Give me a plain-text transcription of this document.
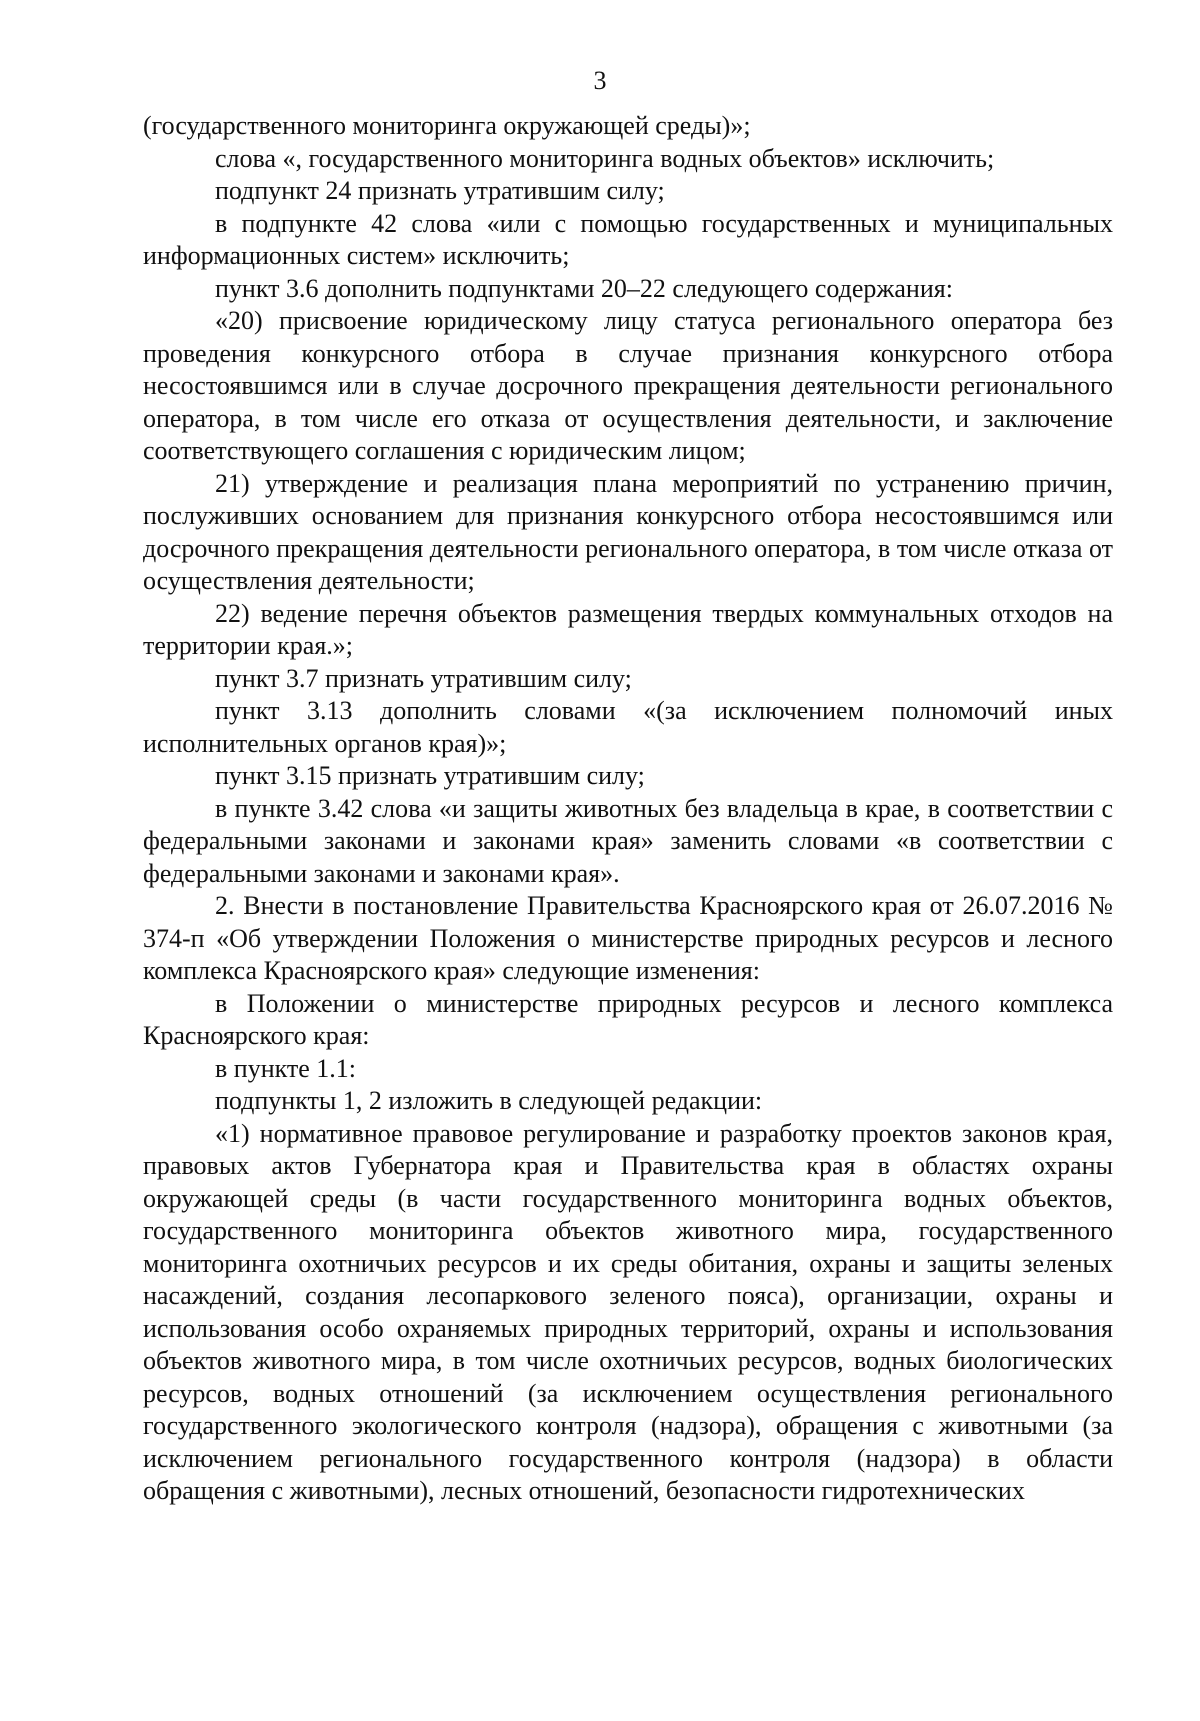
3

(государственного мониторинга окружающей среды)»;

слова «, государственного мониторинга водных объектов» исключить;

подпункт 24 признать утратившим силу;

в подпункте 42 слова «или с помощью государственных и муниципальных информационных систем» исключить;

пункт 3.6 дополнить подпунктами 20–22 следующего содержания:

«20) присвоение юридическому лицу статуса регионального оператора без проведения конкурсного отбора в случае признания конкурсного отбора несостоявшимся или в случае досрочного прекращения деятельности регионального оператора, в том числе его отказа от осуществления деятельности, и заключение соответствующего соглашения с юридическим лицом;

21) утверждение и реализация плана мероприятий по устранению причин, послуживших основанием для признания конкурсного отбора несостоявшимся или досрочного прекращения деятельности регионального оператора, в том числе отказа от осуществления деятельности;

22) ведение перечня объектов размещения твердых коммунальных отходов на территории края.»;

пункт 3.7 признать утратившим силу;

пункт 3.13 дополнить словами «(за исключением полномочий иных исполнительных органов края)»;

пункт 3.15 признать утратившим силу;

в пункте 3.42 слова «и защиты животных без владельца в крае, в соответствии с федеральными законами и законами края» заменить словами «в соответствии с федеральными законами и законами края».

2. Внести в постановление Правительства Красноярского края от 26.07.2016 № 374-п «Об утверждении Положения о министерстве природных ресурсов и лесного комплекса Красноярского края» следующие изменения:

в Положении о министерстве природных ресурсов и лесного комплекса Красноярского края:

в пункте 1.1:

подпункты 1, 2 изложить в следующей редакции:

«1) нормативное правовое регулирование и разработку проектов законов края, правовых актов Губернатора края и Правительства края в областях охраны окружающей среды (в части государственного мониторинга водных объектов, государственного мониторинга объектов животного мира, государственного мониторинга охотничьих ресурсов и их среды обитания, охраны и защиты зеленых насаждений, создания лесопаркового зеленого пояса), организации, охраны и использования особо охраняемых природных территорий, охраны и использования объектов животного мира, в том числе охотничьих ресурсов, водных биологических ресурсов, водных отношений (за исключением осуществления регионального государственного экологического контроля (надзора), обращения с животными (за исключением регионального государственного контроля (надзора) в области обращения с животными), лесных отношений, безопасности гидротехнических
